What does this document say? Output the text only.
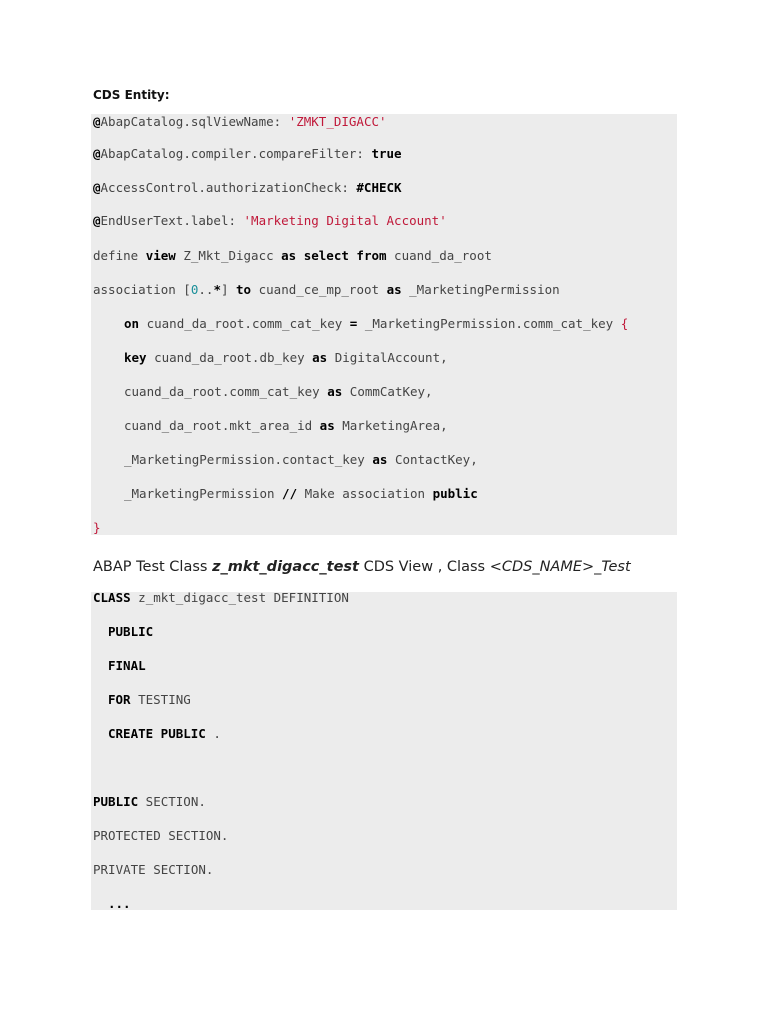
CDS Entity:

@AbapCatalog.sqlViewName: 'ZMKT_DIGACC'

@AbapCatalog.compiler.compareFilter: true

@AccessControl.authorizationCheck: #CHECK

@EndUserText.label: 'Marketing Digital Account'

define view Z_Mkt_Digacc as select from cuand_da_root

association [0..*] to cuand_ce_mp_root as _MarketingPermission

on cuand_da_root.comm_cat_key = _MarketingPermission.comm_cat_key {

key cuand_da_root.db_key as DigitalAccount,

cuand_da_root.comm_cat_key as CommCatKey,

cuand_da_root.mkt_area_id as MarketingArea,

_MarketingPermission.contact_key as ContactKey,

_MarketingPermission // Make association public

}

ABAP Test Class z_mkt_digacc_test CDS View , Class <CDS_NAME>_Test

CLASS z_mkt_digacc_test DEFINITION

PUBLIC

FINAL

FOR TESTING

CREATE PUBLIC .

PUBLIC SECTION.

PROTECTED SECTION.

PRIVATE SECTION.

...
